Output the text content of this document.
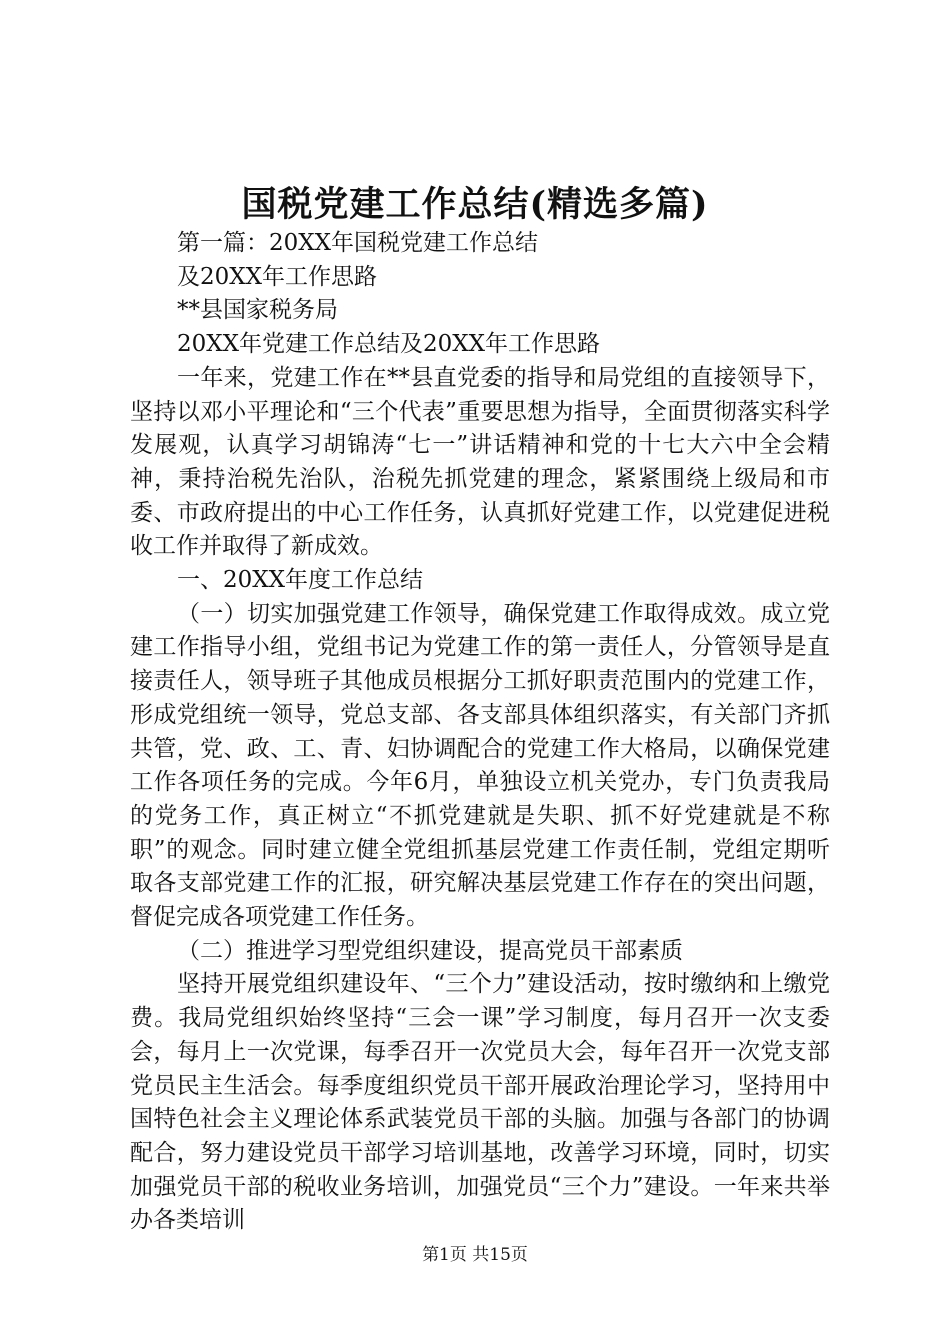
国税党建工作总结(精选多篇)

第一篇：20XX年国税党建工作总结

及20XX年工作思路

**县国家税务局

20XX年党建工作总结及20XX年工作思路

一年来，党建工作在**县直党委的指导和局党组的直接领导下，坚持以邓小平理论和“三个代表”重要思想为指导，全面贯彻落实科学发展观，认真学习胡锦涛“七一”讲话精神和党的十七大六中全会精神，秉持治税先治队，治税先抓党建的理念，紧紧围绕上级局和市委、市政府提出的中心工作任务，认真抓好党建工作，以党建促进税收工作并取得了新成效。

一、20XX年度工作总结

（一）切实加强党建工作领导，确保党建工作取得成效。成立党建工作指导小组，党组书记为党建工作的第一责任人，分管领导是直接责任人，领导班子其他成员根据分工抓好职责范围内的党建工作，形成党组统一领导，党总支部、各支部具体组织落实，有关部门齐抓共管，党、政、工、青、妇协调配合的党建工作大格局，以确保党建工作各项任务的完成。今年6月，单独设立机关党办，专门负责我局的党务工作，真正树立“不抓党建就是失职、抓不好党建就是不称职”的观念。同时建立健全党组抓基层党建工作责任制，党组定期听取各支部党建工作的汇报，研究解决基层党建工作存在的突出问题，督促完成各项党建工作任务。

（二）推进学习型党组织建设，提高党员干部素质

坚持开展党组织建设年、“三个力”建设活动，按时缴纳和上缴党费。我局党组织始终坚持“三会一课”学习制度，每月召开一次支委会，每月上一次党课，每季召开一次党员大会，每年召开一次党支部党员民主生活会。每季度组织党员干部开展政治理论学习，坚持用中国特色社会主义理论体系武装党员干部的头脑。加强与各部门的协调配合，努力建设党员干部学习培训基地，改善学习环境，同时，切实加强党员干部的税收业务培训，加强党员“三个力”建设。一年来共举办各类培训

第1页 共15页
